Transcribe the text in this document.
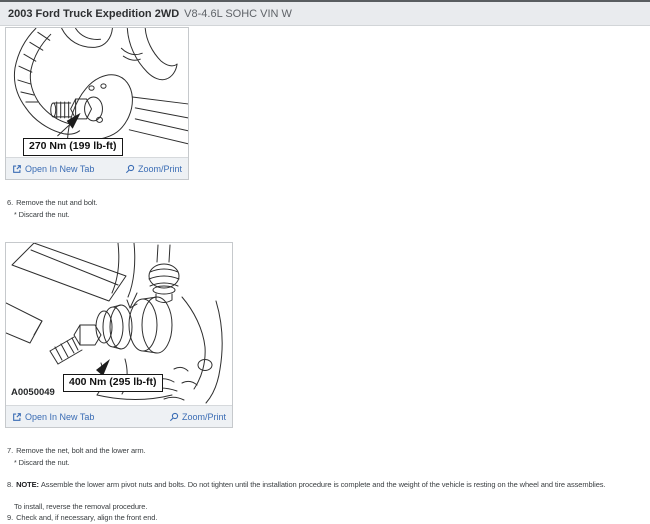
2003 Ford Truck Expedition 2WD V8-4.6L SOHC VIN W
270 Nm (199 lb-ft)
Open In New Tab	Zoom/Print
6. Remove the nut and bolt.
* Discard the nut.
400 Nm (295 lb-ft)
A0050049
Open In New Tab	Zoom/Print
7. Remove the net, bolt and the lower arm.
* Discard the nut.
8. NOTE: Assemble the lower arm pivot nuts and bolts. Do not tighten until the installation procedure is complete and the weight of the vehicle is resting on the wheel and tire assemblies.
To install, reverse the removal procedure.
9. Check and, if necessary, align the front end.
